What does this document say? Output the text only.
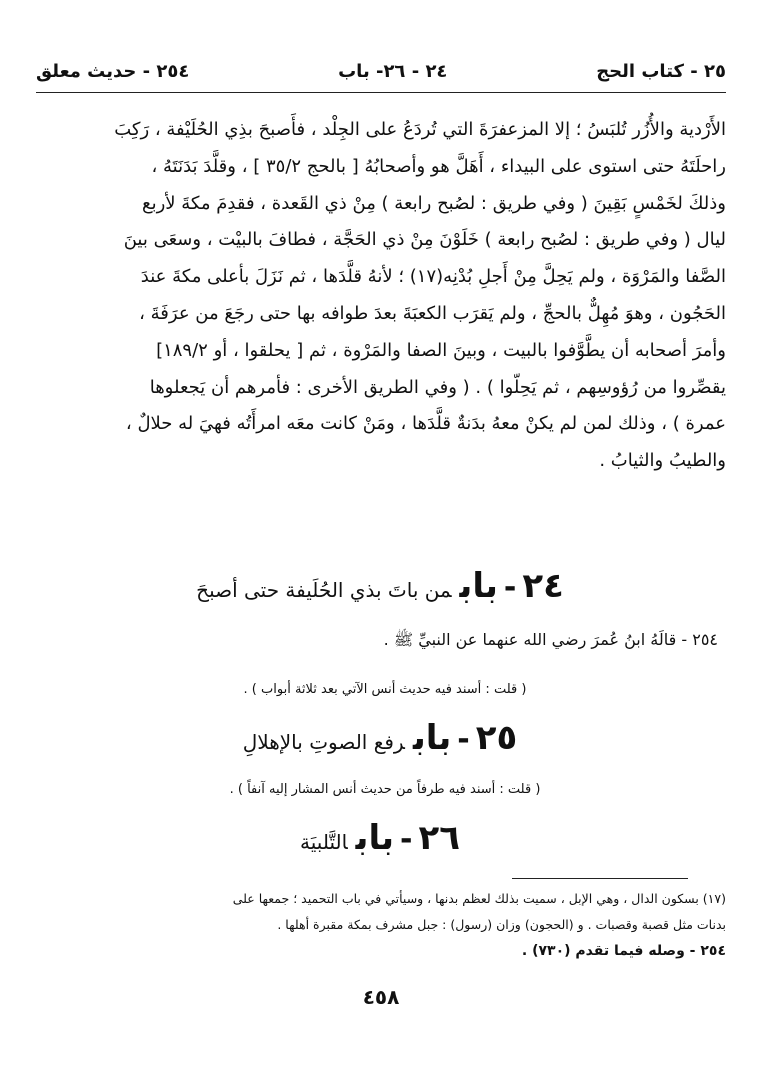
٢٥ - كتاب الحج
٢٤ - ٢٦- باب
٢٥٤ - حديث معلق

الأَرْدية والأُزُر تُلبَسُ ؛ إلا المزعفرَةَ التي تُردَعُ على الجِلْد ، فأَصبحَ بذِي الحُلَيْفة ، رَكِبَ

راحلَتَهُ حتى استوى على البيداء ، أَهَلَّ هو وأصحابُهُ [ بالحج ٣٥/٢ ] ، وقلَّدَ بَدَنَتَهُ ،

وذلكَ لخَمْسٍ بَقِينَ ( وفي طريق : لصُبح رابعة ) مِنْ ذي القَعدة ، فقدِمَ مكةَ لأربع

ليال ( وفي طريق : لصُبح رابعة ) خَلَوْنَ مِنْ ذي الحَجَّة ، فطافَ بالبيْت ، وسعَى بينَ

الصَّفا والمَرْوَة ، ولم يَحِلَّ مِنْ أَجلِ بُدْنِه(١٧) ؛ لأنهُ قلَّدَها ، ثم نَزَلَ بأعلى مكةَ عندَ

الحَجُون ، وهوَ مُهِلٌّ بالحجِّ ، ولم يَقرَب الكعبَةَ بعدَ طوافه بها حتى رجَعَ من عرَفَةَ ،

وأمرَ أصحابه أن يطَّوَّفوا بالبيت ، وبينَ الصفا والمَرْوة ، ثم [ يحلقوا ، أو ١٨٩/٢]

يقصِّروا من رُؤوسِهم ، ثم يَحِلّوا ) . ( وفي الطريق الأخرى : فأمرهم أن يَجعلوها

عمرة ) ، وذلك لمن لم يكنْ معهُ بدَنةٌ قلَّدَها ، ومَنْ كانت معَه امرأَتُه فهيَ له حلالٌ ،

والطيبُ والثيابُ .

٢٤-بابمن باتَ بذي الحُلَيفة حتى أصبحَ
٢٥٤ - قالَهُ ابنُ عُمرَ رضي الله عنهما عن النبيِّ ﷺ .
( قلت : أسند فيه حديث أنس الآتي بعد ثلاثة أبواب ) .
٢٥-بابرفع الصوتِ بالإهلالِ
( قلت : أسند فيه طرفاً من حديث أنس المشار إليه آنفاً ) .
٢٦-بابالتَّلبيَة

(١٧) بسكون الدال ، وهي الإبل ، سميت بذلك لعظم بدنها ، وسيأتي في باب التحميد ؛ جمعها على

بدنات مثل قصبة وقصبات . و (الحجون) وزان (رسول) : جبل مشرف بمكة مقبرة أهلها .

٢٥٤ - وصله فيما تقدم (٧٣٠) .

٤٥٨
